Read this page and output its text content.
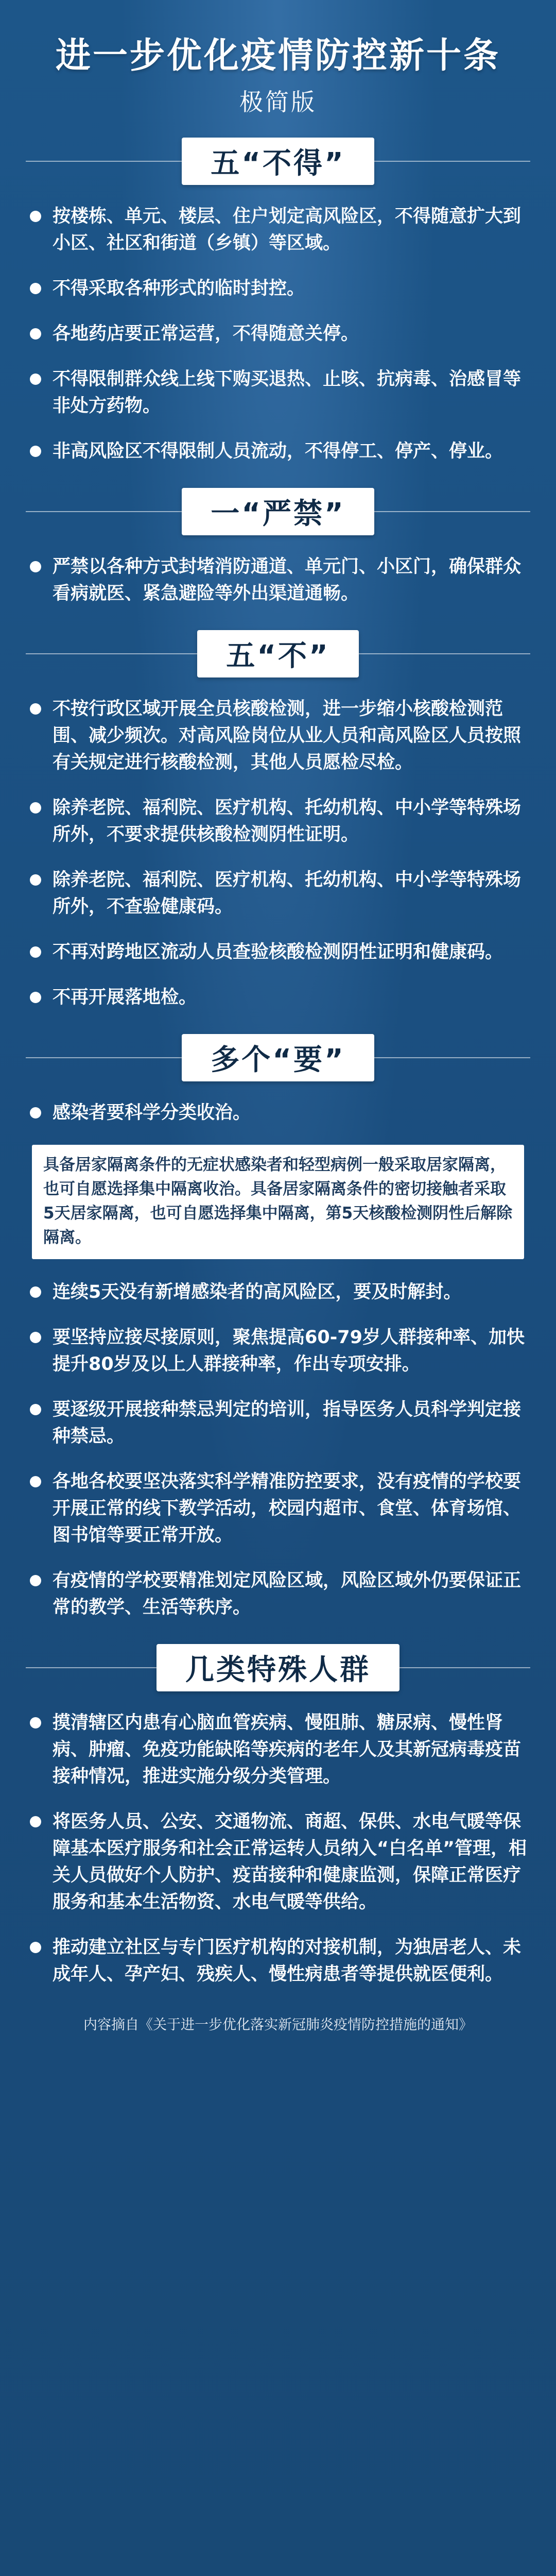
进一步优化疫情防控新十条
极简版
五“不得”
按楼栋、单元、楼层、住户划定高风险区，不得随意扩大到小区、社区和街道（乡镇）等区域。
不得采取各种形式的临时封控。
各地药店要正常运营，不得随意关停。
不得限制群众线上线下购买退热、止咳、抗病毒、治感冒等非处方药物。
非高风险区不得限制人员流动，不得停工、停产、停业。
一“严禁”
严禁以各种方式封堵消防通道、单元门、小区门，确保群众看病就医、紧急避险等外出渠道通畅。
五“不”
不按行政区域开展全员核酸检测，进一步缩小核酸检测范围、减少频次。对高风险岗位从业人员和高风险区人员按照有关规定进行核酸检测，其他人员愿检尽检。
除养老院、福利院、医疗机构、托幼机构、中小学等特殊场所外，不要求提供核酸检测阴性证明。
除养老院、福利院、医疗机构、托幼机构、中小学等特殊场所外，不查验健康码。
不再对跨地区流动人员查验核酸检测阴性证明和健康码。
不再开展落地检。
多个“要”
感染者要科学分类收治。
具备居家隔离条件的无症状感染者和轻型病例一般采取居家隔离，也可自愿选择集中隔离收治。具备居家隔离条件的密切接触者采取5天居家隔离，也可自愿选择集中隔离，第5天核酸检测阴性后解除隔离。
连续5天没有新增感染者的高风险区，要及时解封。
要坚持应接尽接原则，聚焦提高60-79岁人群接种率、加快提升80岁及以上人群接种率，作出专项安排。
要逐级开展接种禁忌判定的培训，指导医务人员科学判定接种禁忌。
各地各校要坚决落实科学精准防控要求，没有疫情的学校要开展正常的线下教学活动，校园内超市、食堂、体育场馆、图书馆等要正常开放。
有疫情的学校要精准划定风险区域，风险区域外仍要保证正常的教学、生活等秩序。
几类特殊人群
摸清辖区内患有心脑血管疾病、慢阻肺、糖尿病、慢性肾病、肿瘤、免疫功能缺陷等疾病的老年人及其新冠病毒疫苗接种情况，推进实施分级分类管理。
将医务人员、公安、交通物流、商超、保供、水电气暖等保障基本医疗服务和社会正常运转人员纳入“白名单”管理，相关人员做好个人防护、疫苗接种和健康监测，保障正常医疗服务和基本生活物资、水电气暖等供给。
推动建立社区与专门医疗机构的对接机制，为独居老人、未成年人、孕产妇、残疾人、慢性病患者等提供就医便利。
内容摘自《关于进一步优化落实新冠肺炎疫情防控措施的通知》
